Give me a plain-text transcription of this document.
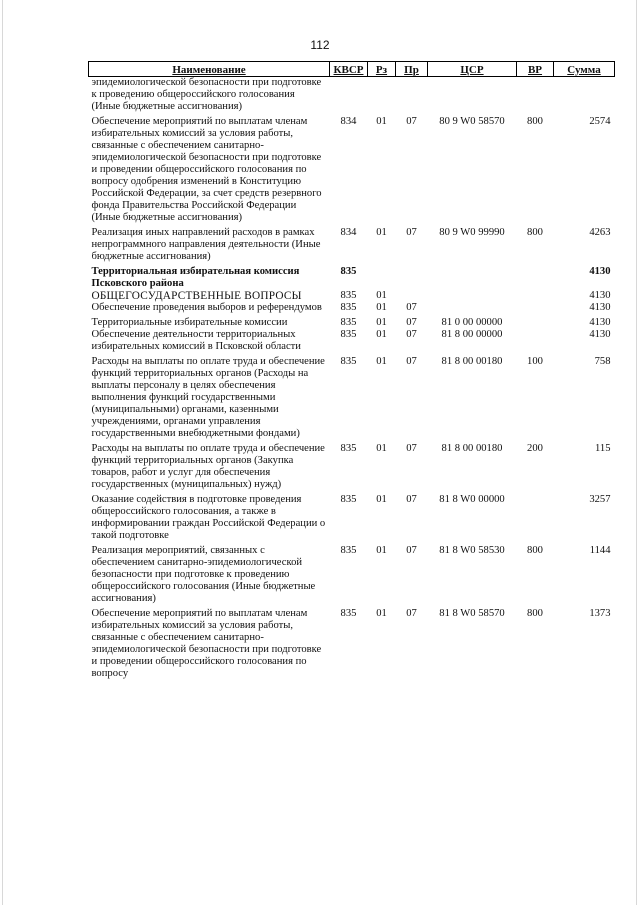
112
Наименование	КВСР	Рз	Пр	ЦСР	ВР	Сумма
эпидемиологической безопасности при подготовке к проведению общероссийского голосования (Иные бюджетные ассигнования)						
Обеспечение мероприятий по выплатам членам избирательных комиссий за условия работы, связанные с обеспечением санитарно-эпидемиологической безопасности при подготовке и проведении общероссийского голосования по вопросу одобрения изменений в Конституцию Российской Федерации, за счет средств резервного фонда Правительства Российской Федерации (Иные бюджетные ассигнования)	834	01	07	80 9 W0 58570	800	2574
Реализация иных направлений расходов в рамках непрограммного направления деятельности (Иные бюджетные ассигнования)	834	01	07	80 9 W0 99990	800	4263
Территориальная избирательная комиссия Псковского района	835					4130
ОБЩЕГОСУДАРСТВЕННЫЕ ВОПРОСЫ	835	01				4130
Обеспечение проведения выборов и референдумов	835	01	07			4130
Территориальные избирательные комиссии	835	01	07	81 0 00 00000		4130
Обеспечение деятельности территориальных избирательных комиссий в Псковской области	835	01	07	81 8 00 00000		4130
Расходы на выплаты по оплате труда и обеспечение функций территориальных органов (Расходы на выплаты персоналу в целях обеспечения выполнения функций государственными (муниципальными) органами, казенными учреждениями, органами управления государственными внебюджетными фондами)	835	01	07	81 8 00 00180	100	758
Расходы на выплаты по оплате труда и обеспечение функций территориальных органов (Закупка товаров, работ и услуг для обеспечения государственных (муниципальных) нужд)	835	01	07	81 8 00 00180	200	115
Оказание содействия в подготовке проведения общероссийского голосования, а также в информировании граждан Российской Федерации о такой подготовке	835	01	07	81 8 W0 00000		3257
Реализация мероприятий, связанных с обеспечением санитарно-эпидемиологической безопасности при подготовке к проведению общероссийского голосования (Иные бюджетные ассигнования)	835	01	07	81 8 W0 58530	800	1144
Обеспечение мероприятий по выплатам членам избирательных комиссий за условия работы, связанные с обеспечением санитарно-эпидемиологической безопасности при подготовке и проведении общероссийского голосования по вопросу	835	01	07	81 8 W0 58570	800	1373
